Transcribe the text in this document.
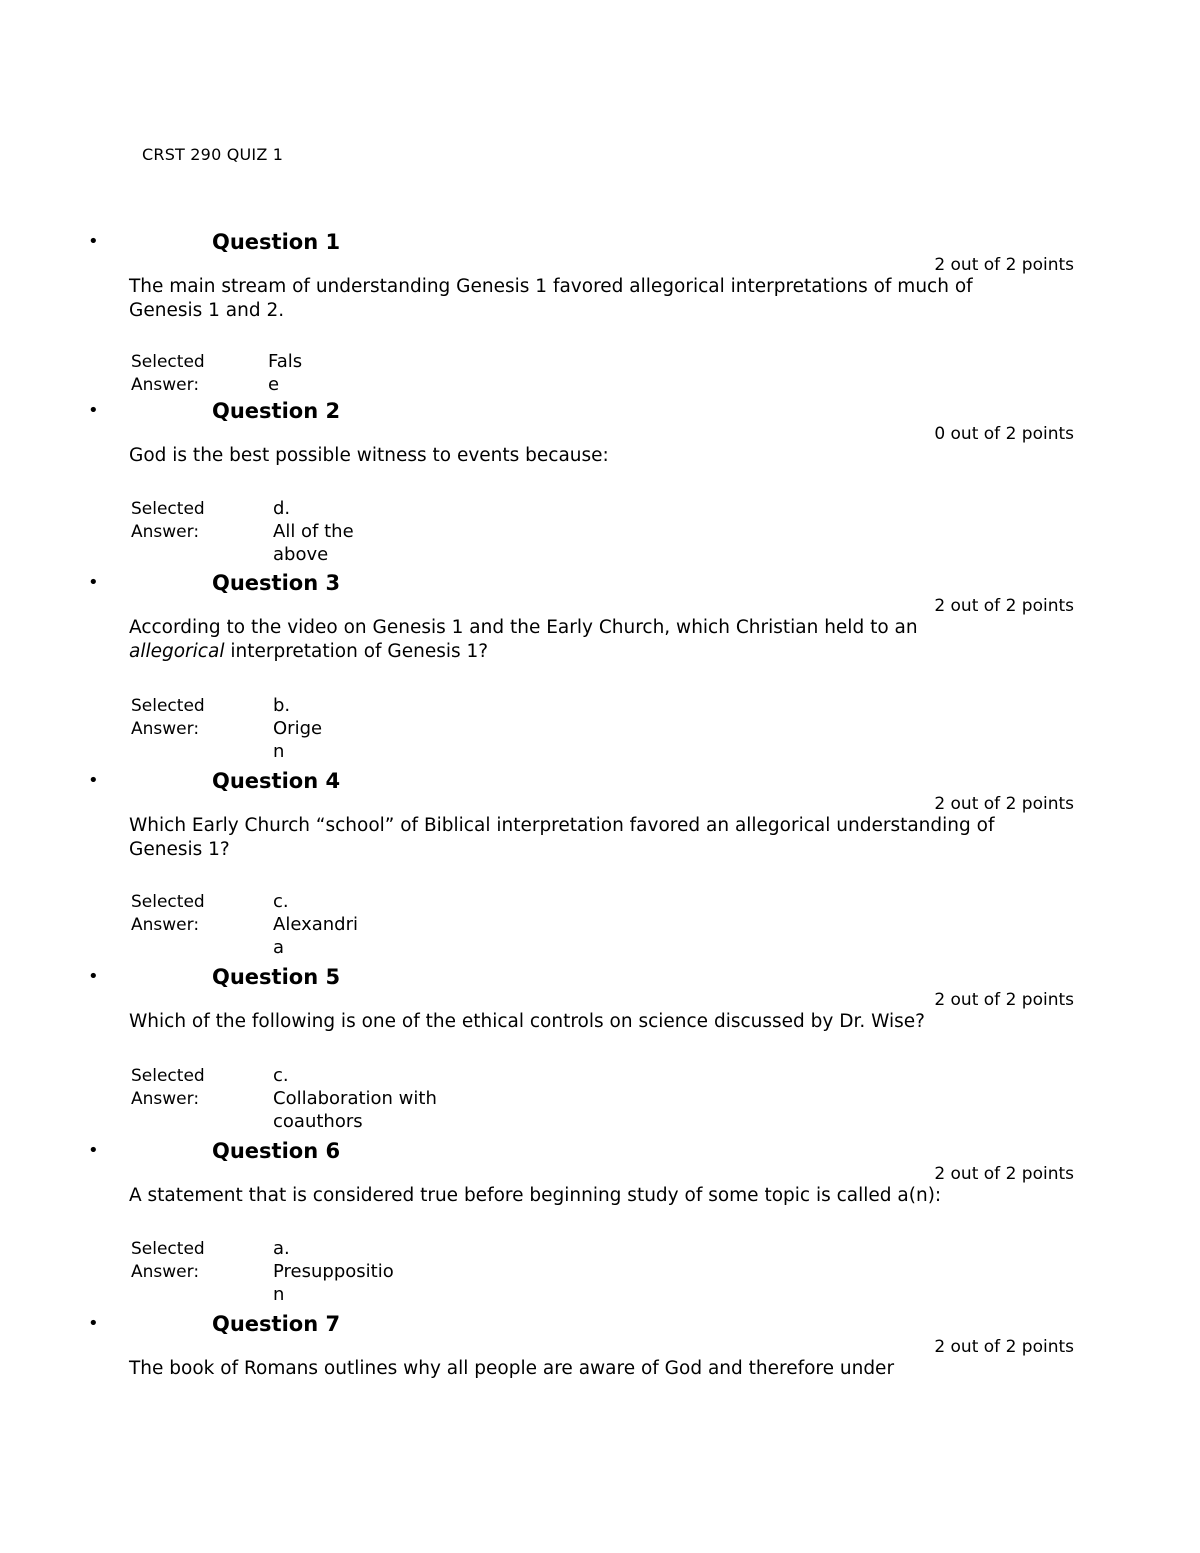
CRST 290 QUIZ 1
•	Question 1
2 out of 2 points
The main stream of understanding Genesis 1 favored allegorical interpretations of much of Genesis 1 and 2.
Selected Answer:
False
•	Question 2
0 out of 2 points
God is the best possible witness to events because:
Selected Answer:
d.
All of the above
•	Question 3
2 out of 2 points
According to the video on Genesis 1 and the Early Church, which Christian held to an allegorical interpretation of Genesis 1?
Selected Answer:
b.
Origen
•	Question 4
2 out of 2 points
Which Early Church “school” of Biblical interpretation favored an allegorical understanding of Genesis 1?
Selected Answer:
c.
Alexandria
•	Question 5
2 out of 2 points
Which of the following is one of the ethical controls on science discussed by Dr. Wise?
Selected Answer:
c.
Collaboration with coauthors
•	Question 6
2 out of 2 points
A statement that is considered true before beginning study of some topic is called a(n):
Selected Answer:
a.
Presupposition
•	Question 7
2 out of 2 points
The book of Romans outlines why all people are aware of God and therefore under
